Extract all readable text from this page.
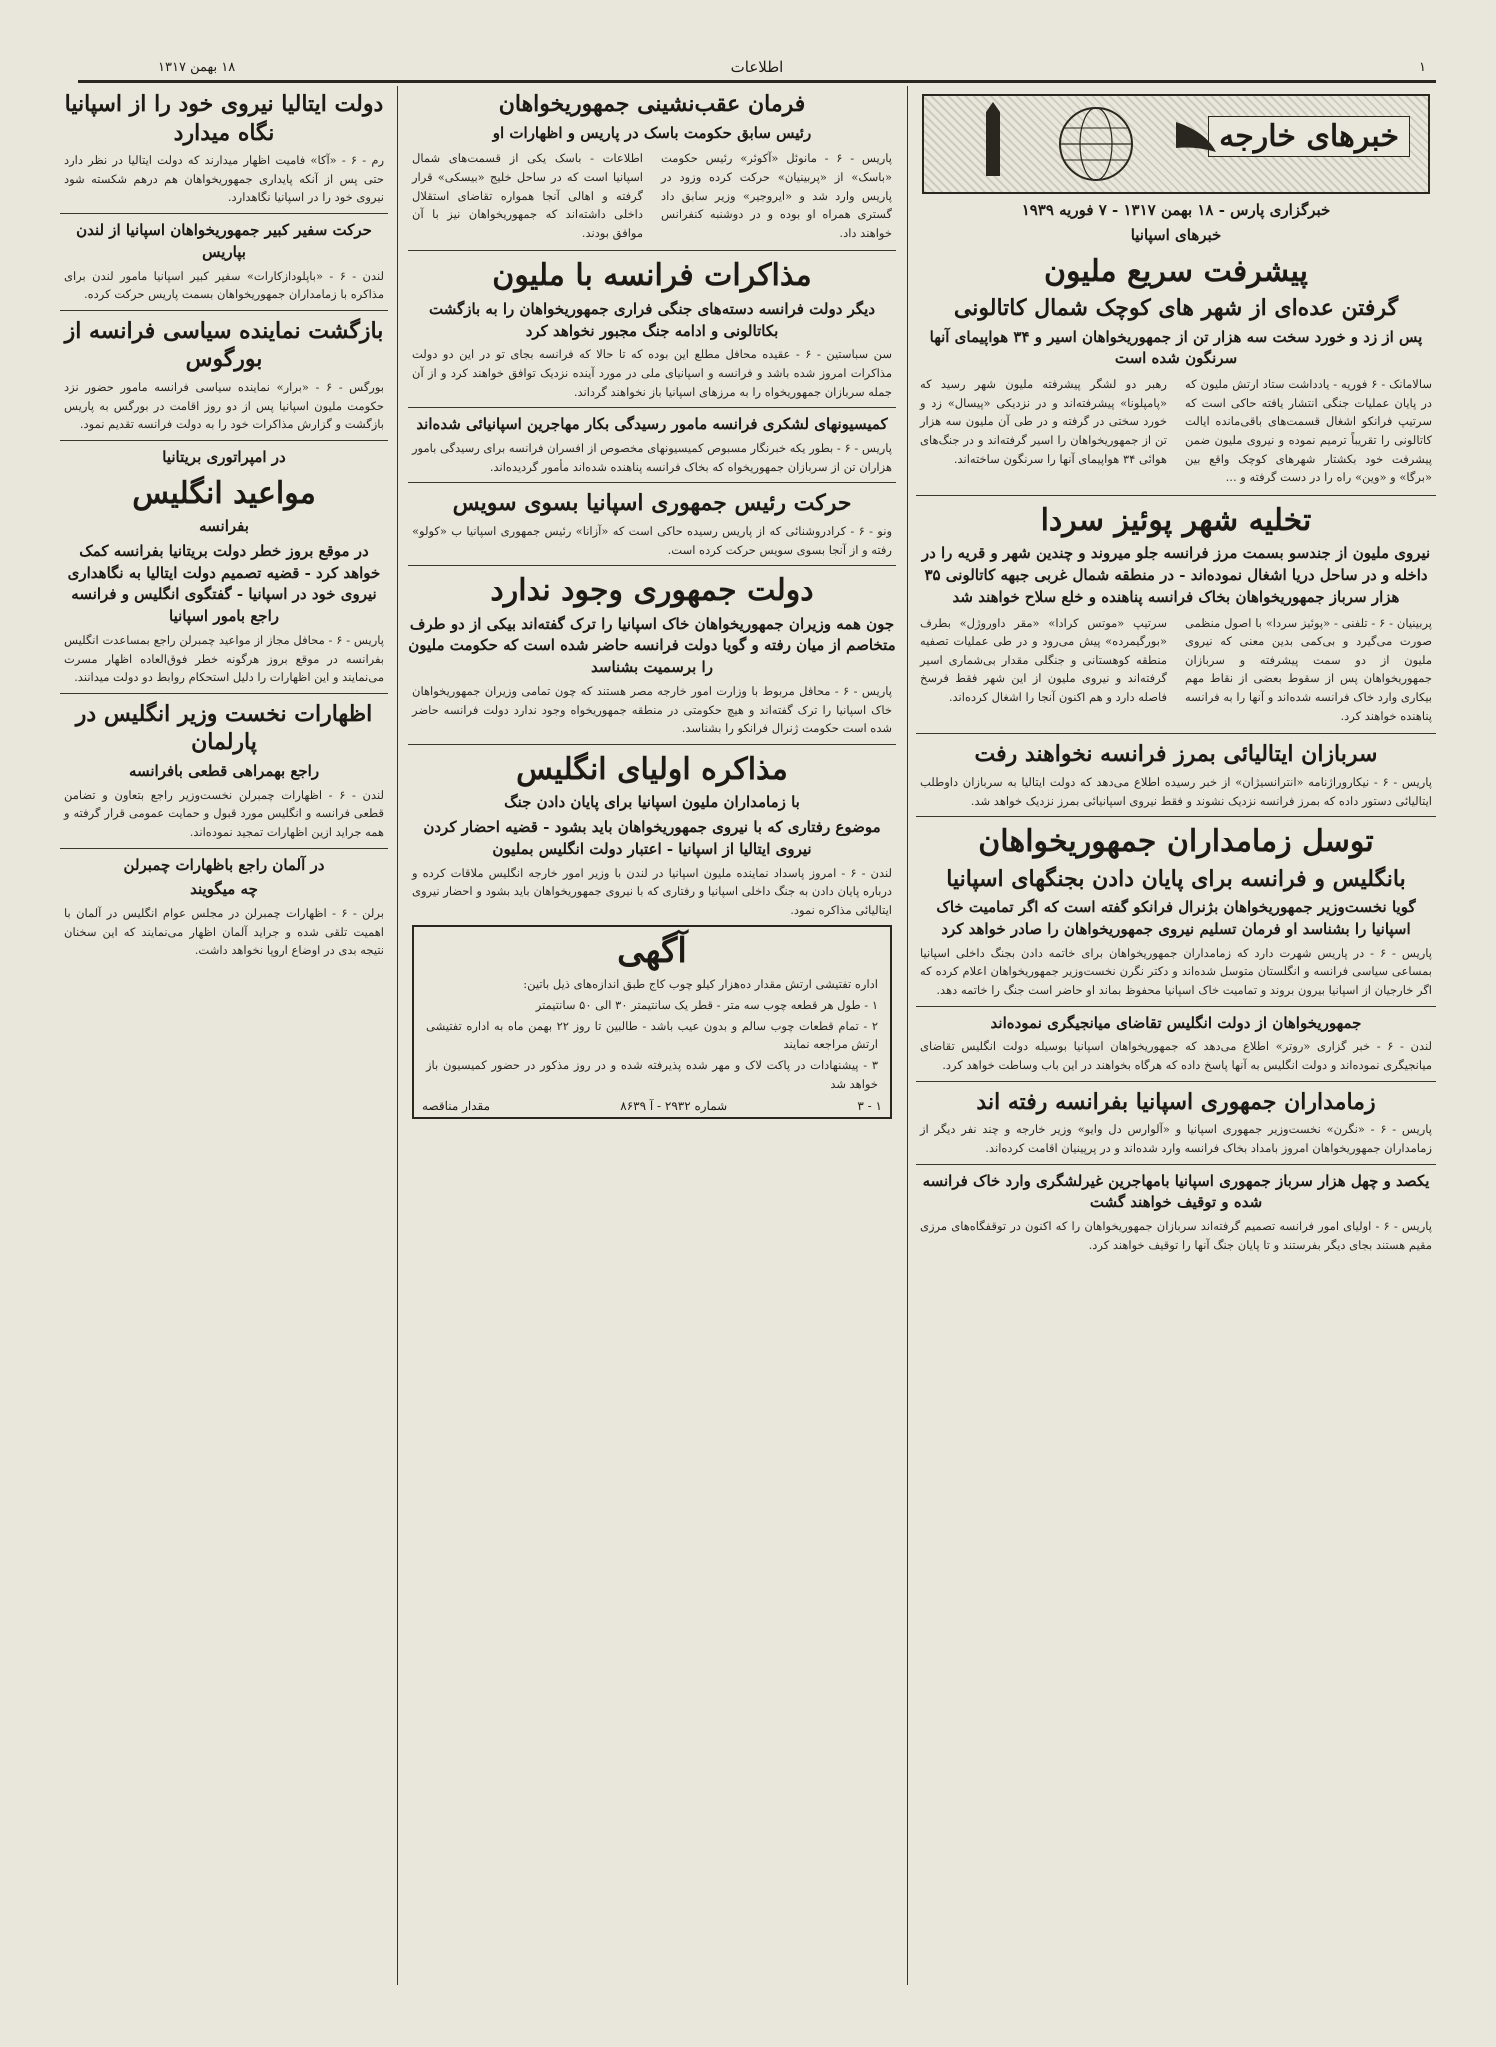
۱
اطلاعات
۱۸ بهمن ۱۳۱۷
خبرهای خارجه
خبرگزاری پارس - ۱۸ بهمن ۱۳۱۷ - ۷ فوریه ۱۹۳۹
خبرهای اسپانیا
پیشرفت سریع ملیون
گرفتن عده‌ای از شهر های کوچک شمال کاتالونی
پس از زد و خورد سخت سه هزار تن از جمهوریخواهان اسیر و ۳۴ هواپیمای آنها سرنگون شده است
سالامانک - ۶ فوریه - یادداشت ستاد ارتش ملیون که در پایان عملیات جنگی انتشار یافته حاکی است که سرتیپ فرانکو اشغال قسمت‌های باقی‌مانده ایالت کاتالونی را تقریباً ترمیم نموده و نیروی ملیون ضمن پیشرفت خود بکشتار شهرهای کوچک واقع بین «برگا» و «وین» راه را در دست گرفته و ...
رهبر دو لشگر پیشرفته ملیون شهر رسید که «پامپلونا» پیشرفته‌اند و در نزدیکی «پیسال» زد و خورد سختی در گرفته و در طی آن ملیون سه هزار تن از جمهوریخواهان را اسیر گرفته‌اند و در جنگ‌های هوائی ۳۴ هواپیمای آنها را سرنگون ساخته‌اند.
تخلیه شهر پوئیز سردا
نیروی ملیون از جندسو بسمت مرز فرانسه جلو میروند و چندین شهر و قریه را در داخله و در ساحل دریا اشغال نموده‌اند - در منطقه شمال غربی جبهه کاتالونی ۳۵ هزار سرباز جمهوریخواهان بخاک فرانسه پناهنده و خلع سلاح خواهند شد
پربینیان - ۶ - تلفنی - «پوئیز سردا» با اصول منظمی صورت می‌گیرد و بی‌کمی بدین معنی که نیروی ملیون از دو سمت پیشرفته و سربازان جمهوریخواهان پس از سقوط بعضی از نقاط مهم بیکاری وارد خاک فرانسه شده‌اند و آنها را به فرانسه پناهنده خواهند کرد.
سرتیپ «موتس کرادا» «مقر داوروژل» بطرف «بورگیمرده» پیش می‌رود و در طی عملیات تصفیه منطقه کوهستانی و جنگلی مقدار بی‌شماری اسیر گرفته‌اند و نیروی ملیون از این شهر فقط فرسخ فاصله دارد و هم اکنون آنجا را اشغال کرده‌اند.
سربازان ایتالیائی بمرز فرانسه نخواهند رفت
پاریس - ۶ - نیکاروراژنامه «انترانسیژان» از خبر رسیده اطلاع می‌دهد که دولت ایتالیا به سربازان داوطلب ایتالیائی دستور داده که بمرز فرانسه نزدیک نشوند و فقط نیروی اسپانیائی بمرز نزدیک خواهد شد.
توسل زمامداران جمهوریخواهان
بانگلیس و فرانسه برای پایان دادن بجنگهای اسپانیا
گویا نخست‌وزیر جمهوریخواهان بژنرال فرانکو گفته است که اگر تمامیت خاک اسپانیا را بشناسد او فرمان تسلیم نیروی جمهوریخواهان را صادر خواهد کرد
پاریس - ۶ - در پاریس شهرت دارد که زمامداران جمهوریخواهان برای خاتمه دادن بجنگ داخلی اسپانیا بمساعی سیاسی فرانسه و انگلستان متوسل شده‌اند و دکتر نگرن نخست‌وزیر جمهوریخواهان اعلام کرده که اگر خارجیان از اسپانیا بیرون بروند و تمامیت خاک اسپانیا محفوظ بماند او حاضر است جنگ را خاتمه دهد.
جمهوریخواهان از دولت انگلیس تقاضای میانجیگری نموده‌اند
لندن - ۶ - خبر گزاری «روتر» اطلاع می‌دهد که جمهوریخواهان اسپانیا بوسیله دولت انگلیس تقاضای میانجیگری نموده‌اند و دولت انگلیس به آنها پاسخ داده که هرگاه بخواهند در این باب وساطت خواهد کرد.
زمامداران جمهوری اسپانیا بفرانسه رفته اند
پاریس - ۶ - «نگرن» نخست‌وزیر جمهوری اسپانیا و «آلوارس دل وایو» وزیر خارجه و چند نفر دیگر از زمامداران جمهوریخواهان امروز بامداد بخاک فرانسه وارد شده‌اند و در پرپینیان اقامت کرده‌اند.
یکصد و چهل هزار سرباز جمهوری اسپانیا بامهاجرین غیرلشگری وارد خاک فرانسه شده و توقیف خواهند گشت
پاریس - ۶ - اولیای امور فرانسه تصمیم گرفته‌اند سربازان جمهوریخواهان را که اکنون در توقفگاه‌های مرزی مقیم هستند بجای دیگر بفرستند و تا پایان جنگ آنها را توقیف خواهند کرد.
فرمان عقب‌نشینی جمهوریخواهان
رئیس سابق حکومت باسک در پاریس و اظهارات او
پاریس - ۶ - مانوئل «آکوئر» رئیس حکومت «باسک» از «پربینیان» حرکت کرده وزود در پاریس وارد شد و «ایروجیر» وزیر سابق داد گستری همراه او بوده و در دوشنبه کنفرانس خواهند داد.
اطلاعات - باسک یکی از قسمت‌های شمال اسپانیا است که در ساحل خلیج «بیسکی» قرار گرفته و اهالی آنجا همواره تقاضای استقلال داخلی داشته‌اند که جمهوریخواهان نیز با آن موافق بودند.
مذاکرات فرانسه با ملیون
دیگر دولت فرانسه دسته‌های جنگی فراری جمهوریخواهان را به بازگشت بکاتالونی و ادامه جنگ مجبور نخواهد کرد
سن سباستین - ۶ - عقیده محافل مطلع این بوده که تا حالا که فرانسه بجای تو در این دو دولت مذاکرات امروز شده باشد و فرانسه و اسپانیای ملی در مورد آینده نزدیک توافق خواهند کرد و از آن جمله سربازان جمهوریخواه را به مرزهای اسپانیا باز نخواهند گرداند.
کمیسیونهای لشکری فرانسه مامور رسیدگی بکار مهاجرین اسپانیائی شده‌اند
پاریس - ۶ - بطور یکه خبرنگار مسبوص کمیسیونهای مخصوص از افسران فرانسه برای رسیدگی بامور هزاران تن از سربازان جمهوریخواه که بخاک فرانسه پناهنده شده‌اند مأمور گردیده‌اند.
حرکت رئیس جمهوری اسپانیا بسوی سویس
ونو - ۶ - کرادروشنائی که از پاریس رسیده حاکی است که «آزانا» رئیس جمهوری اسپانیا ب «کولو» رفته و از آنجا بسوی سویس حرکت کرده است.
دولت جمهوری وجود ندارد
جون همه وزیران جمهوریخواهان خاک اسپانیا را ترک گفته‌اند بیکی از دو طرف متخاصم از میان رفته و گویا دولت فرانسه حاضر شده است که حکومت ملیون را برسمیت بشناسد
پاریس - ۶ - محافل مربوط با وزارت امور خارجه مصر هستند که چون تمامی وزیران جمهوریخواهان خاک اسپانیا را ترک گفته‌اند و هیچ حکومتی در منطقه جمهوریخواه وجود ندارد دولت فرانسه حاضر شده است حکومت ژنرال فرانکو را بشناسد.
مذاکره اولیای انگلیس
با زمامداران ملیون اسپانیا برای پایان دادن جنگ
موضوع رفتاری که با نیروی جمهوریخواهان باید بشود - قضیه احضار کردن نیروی ایتالیا از اسپانیا - اعتبار دولت انگلیس بملیون
لندن - ۶ - امروز پاسداد نماینده ملیون اسپانیا در لندن با وزیر امور خارجه انگلیس ملاقات کرده و درباره پایان دادن به جنگ داخلی اسپانیا و رفتاری که با نیروی جمهوریخواهان باید بشود و احضار نیروی ایتالیائی مذاکره نمود.
آگهی
اداره تفتیشی ارتش مقدار ده‌هزار کیلو چوب کاج طبق اندازه‌های ذیل باتین:
۱ - طول هر قطعه چوب سه متر - قطر یک سانتیمتر ۳۰ الی ۵۰ سانتیمتر
۲ - تمام قطعات چوب سالم و بدون عیب باشد - طالبین تا روز ۲۲ بهمن ماه به اداره تفتیشی ارتش مراجعه نمایند
۳ - پیشنهادات در پاکت لاک و مهر شده پذیرفته شده و در روز مذکور در حضور کمیسیون باز خواهد شد
۱ - ۳
شماره ۲۹۳۲ - آ ۸۶۳۹
مقدار مناقصه
دولت ایتالیا نیروی خود را از اسپانیا نگاه میدارد
رم - ۶ - «آکا» فامیت اظهار میدارند که دولت ایتالیا در نظر دارد حتی پس از آنکه پایداری جمهوریخواهان هم درهم شکسته شود نیروی خود را در اسپانیا نگاهدارد.
حرکت سفیر کبیر جمهوریخواهان اسپانیا از لندن بپاریس
لندن - ۶ - «باپلودازکارات» سفیر کبیر اسپانیا مامور لندن برای مذاکره با زمامداران جمهوریخواهان بسمت پاریس حرکت کرده.
بازگشت نماینده سیاسی فرانسه از بورگوس
بورگس - ۶ - «برار» نماینده سیاسی فرانسه مامور حضور نزد حکومت ملیون اسپانیا پس از دو روز اقامت در بورگس به پاریس بازگشت و گزارش مذاکرات خود را به دولت فرانسه تقدیم نمود.
در امپراتوری بریتانیا
مواعید انگلیس
بفرانسه
در موقع بروز خطر دولت بریتانیا بفرانسه کمک خواهد کرد - قضیه تصمیم دولت ایتالیا به نگاهداری نیروی خود در اسپانیا - گفتگوی انگلیس و فرانسه راجع بامور اسپانیا
پاریس - ۶ - محافل مجاز از مواعید چمبرلن راجع بمساعدت انگلیس بفرانسه در موقع بروز هرگونه خطر فوق‌العاده اظهار مسرت می‌نمایند و این اظهارات را دلیل استحکام روابط دو دولت میدانند.
اظهارات نخست وزیر انگلیس در پارلمان
راجع بهمراهی قطعی بافرانسه
لندن - ۶ - اظهارات چمبرلن نخست‌وزیر راجع بتعاون و تضامن قطعی فرانسه و انگلیس مورد قبول و حمایت عمومی قرار گرفته و همه جراید ازین اظهارات تمجید نموده‌اند.
در آلمان راجع باظهارات چمبرلن
چه میگویند
برلن - ۶ - اظهارات چمبرلن در مجلس عوام انگلیس در آلمان با اهمیت تلقی شده و جراید آلمان اظهار می‌نمایند که این سخنان نتیجه بدی در اوضاع اروپا نخواهد داشت.
